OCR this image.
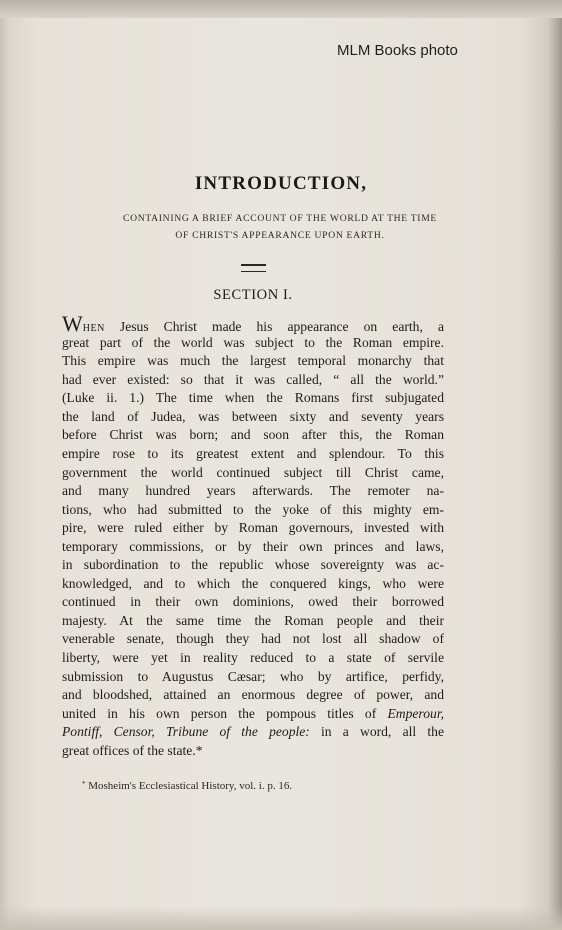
MLM Books photo
INTRODUCTION,
CONTAINING A BRIEF ACCOUNT OF THE WORLD AT THE TIME
OF CHRIST'S APPEARANCE UPON EARTH.
SECTION I.
WHEN Jesus Christ made his appearance on earth, a
great part of the world was subject to the Roman empire.
This empire was much the largest temporal monarchy that
had ever existed: so that it was called, “ all the world.”
(Luke ii. 1.) The time when the Romans first subjugated
the land of Judea, was between sixty and seventy years
before Christ was born; and soon after this, the Roman
empire rose to its greatest extent and splendour. To this
government the world continued subject till Christ came,
and many hundred years afterwards. The remoter na-
tions, who had submitted to the yoke of this mighty em-
pire, were ruled either by Roman governours, invested with
temporary commissions, or by their own princes and laws,
in subordination to the republic whose sovereignty was ac-
knowledged, and to which the conquered kings, who were
continued in their own dominions, owed their borrowed
majesty. At the same time the Roman people and their
venerable senate, though they had not lost all shadow of
liberty, were yet in reality reduced to a state of servile
submission to Augustus Cæsar; who by artifice, perfidy,
and bloodshed, attained an enormous degree of power, and
united in his own person the pompous titles of Emperour,
Pontiff, Censor, Tribune of the people: in a word, all the
great offices of the state.*
* Mosheim's Ecclesiastical History, vol. i. p. 16.
